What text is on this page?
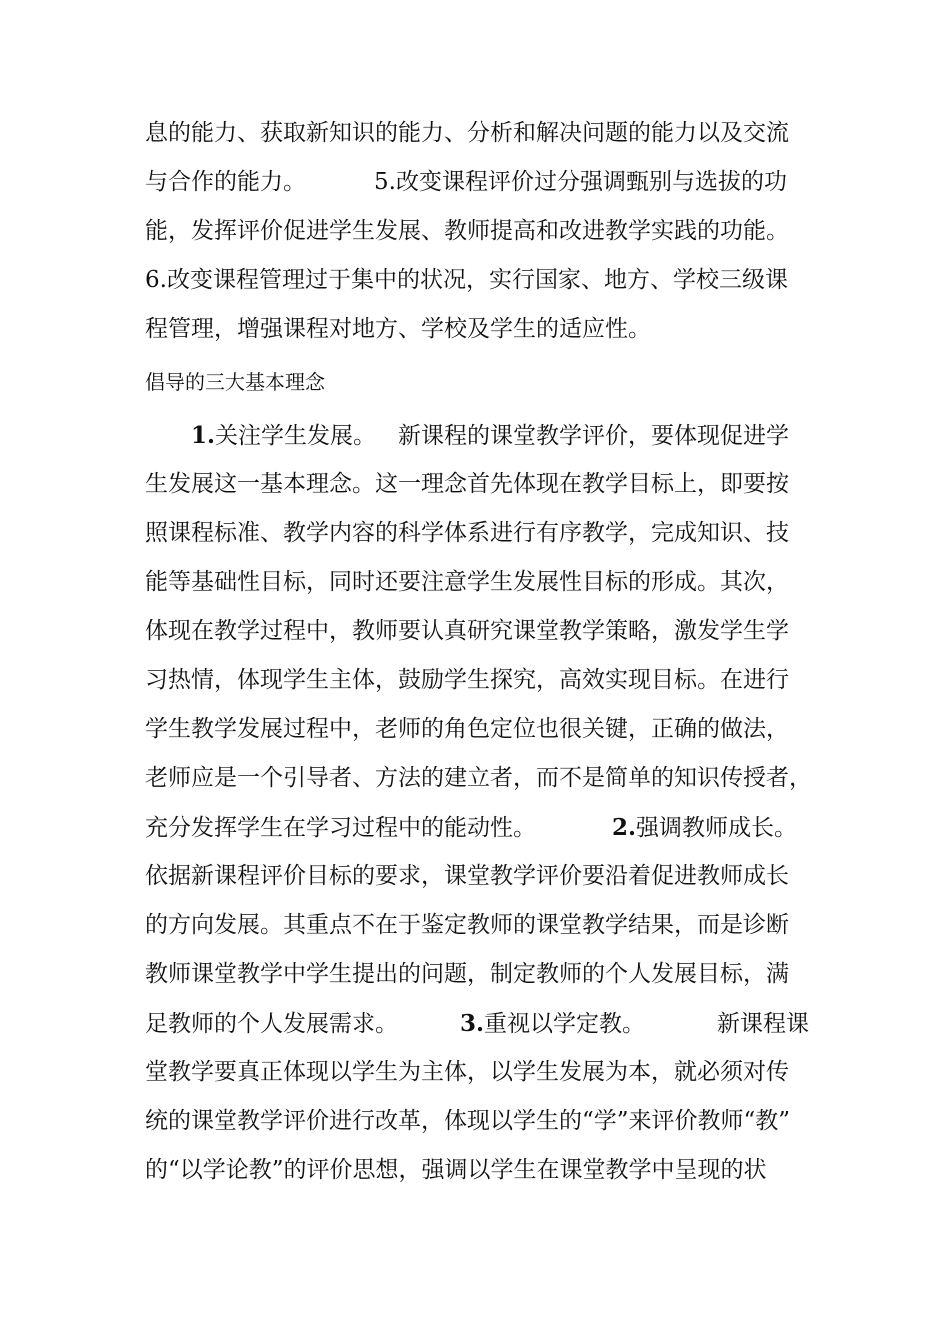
息的能力、获取新知识的能力、分析和解决问题的能力以及交流
与合作的能力。	5.改变课程评价过分强调甄别与选拔的功
能，发挥评价促进学生发展、教师提高和改进教学实践的功能。
6.改变课程管理过于集中的状况，实行国家、地方、学校三级课
程管理，增强课程对地方、学校及学生的适应性。
倡导的三大基本理念
1.关注学生发展。 新课程的课堂教学评价，要体现促进学
生发展这一基本理念。这一理念首先体现在教学目标上，即要按
照课程标准、教学内容的科学体系进行有序教学，完成知识、技
能等基础性目标，同时还要注意学生发展性目标的形成。其次，
体现在教学过程中，教师要认真研究课堂教学策略，激发学生学
习热情，体现学生主体，鼓励学生探究，高效实现目标。在进行
学生教学发展过程中，老师的角色定位也很关键，正确的做法，
老师应是一个引导者、方法的建立者，而不是简单的知识传授者，
充分发挥学生在学习过程中的能动性。	2.强调教师成长。
依据新课程评价目标的要求，课堂教学评价要沿着促进教师成长
的方向发展。其重点不在于鉴定教师的课堂教学结果，而是诊断
教师课堂教学中学生提出的问题，制定教师的个人发展目标，满
足教师的个人发展需求。	3.重视以学定教。	新课程课
堂教学要真正体现以学生为主体，以学生发展为本，就必须对传
统的课堂教学评价进行改革，体现以学生的“学”来评价教师“教”
的“以学论教”的评价思想，强调以学生在课堂教学中呈现的状
